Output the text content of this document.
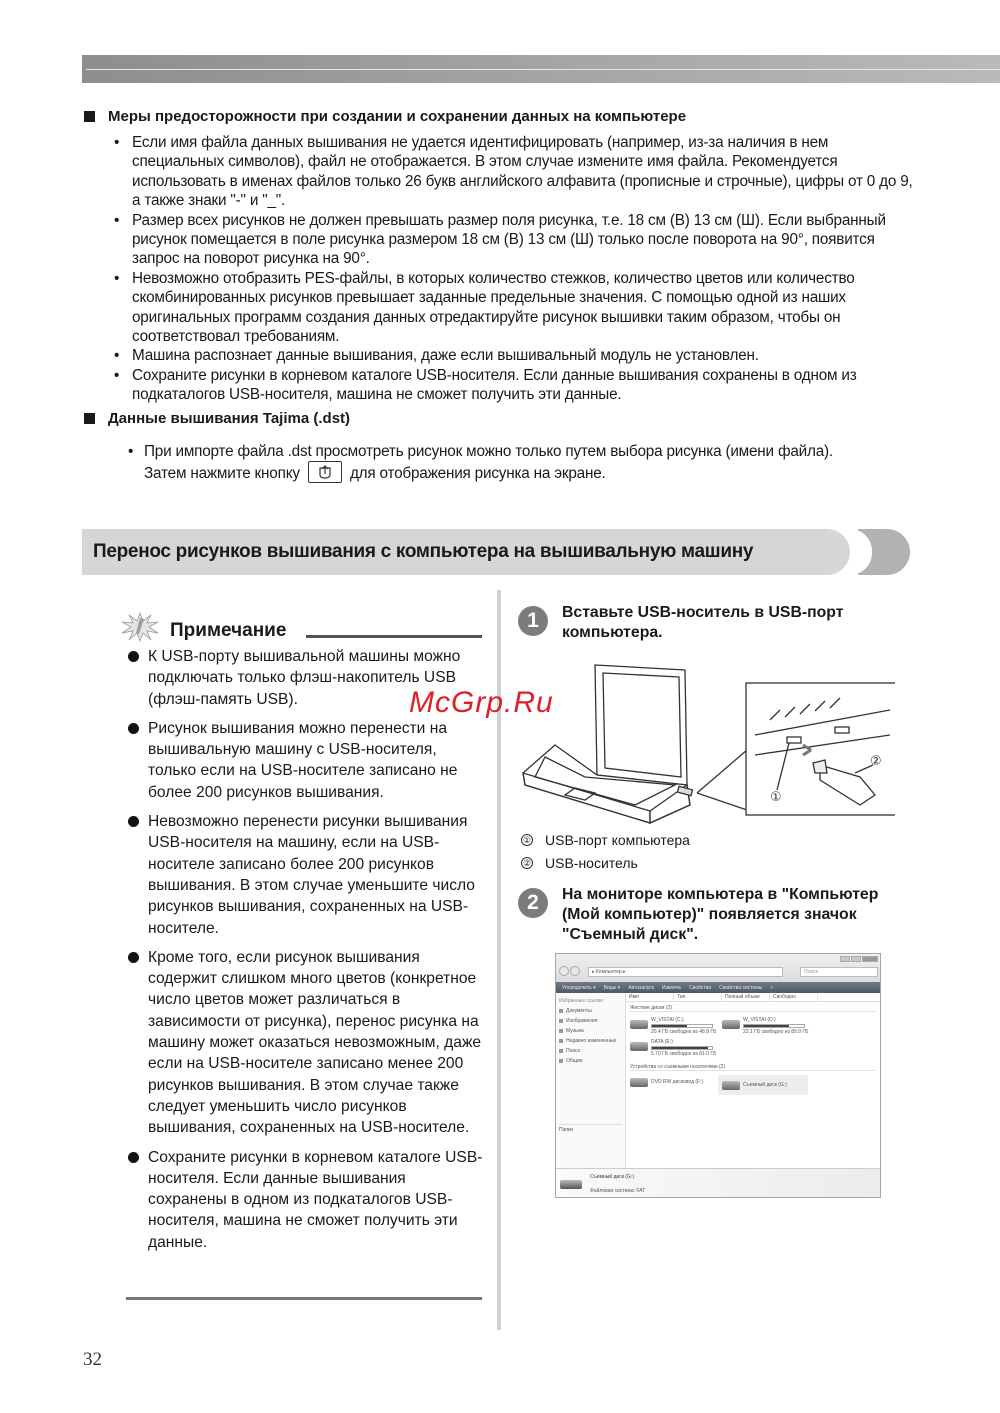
Меры предосторожности при создании и сохранении данных на компьютере
• Если имя файла данных вышивания не удается идентифицировать (например, из-за наличия в нем специальных символов), файл не отображается. В этом случае измените имя файла. Рекомендуется использовать в именах файлов только 26 букв английского алфавита (прописные и строчные), цифры от 0 до 9, а также знаки "-" и "_".
• Размер всех рисунков не должен превышать размер поля рисунка, т.е. 18 см (В) 13 см (Ш). Если выбранный рисунок помещается в поле рисунка размером 18 см (В) 13 см (Ш) только после поворота на 90°, появится запрос на поворот рисунка на 90°.
• Невозможно отобразить PES-файлы, в которых количество стежков, количество цветов или количество скомбинированных рисунков превышает заданные предельные значения. С помощью одной из наших оригинальных программ создания данных отредактируйте рисунок вышивки таким образом, чтобы он соответствовал требованиям.
• Машина распознает данные вышивания, даже если вышивальный модуль не установлен.
• Сохраните рисунки в корневом каталоге USB-носителя. Если данные вышивания сохранены в одном из подкаталогов USB-носителя, машина не сможет получить эти данные.
Данные вышивания Tajima (.dst)
• При импорте файла .dst просмотреть рисунок можно только путем выбора рисунка (имени файла).
Затем нажмите кнопку	для отображения рисунка на экране.
Перенос рисунков вышивания с компьютера на вышивальную машину
Примечание
К USB-порту вышивальной машины можно подключать только флэш-накопитель USB (флэш-память USB).
Рисунок вышивания можно перенести на вышивальную машину с USB-носителя, только если на USB-носителе записано не более 200 рисунков вышивания.
Невозможно перенести рисунки вышивания USB-носителя на машину, если на USB-носителе записано более 200 рисунков вышивания. В этом случае уменьшите число рисунков вышивания, сохраненных на USB-носителе.
Кроме того, если рисунок вышивания содержит слишком много цветов (конкретное число цветов может различаться в зависимости от рисунка), перенос рисунка на машину может оказаться невозможным, даже если на USB-носителе записано менее 200 рисунков вышивания. В этом случае также следует уменьшить число рисунков вышивания, сохраненных на USB-носителе.
Сохраните рисунки в корневом каталоге USB-носителя. Если данные вышивания сохранены в одном из подкаталогов USB-носителя, машина не сможет получить эти данные.
1	Вставьте USB-носитель в USB-порт компьютера.
①
②
① USB-порт компьютера
② USB-носитель
2	На мониторе компьютера в "Компьютер (Мой компьютер)" появляется значок "Съемный диск".
▸ Компьютер ▸	Поиск
Упорядочить ▾ Виды ▾ Автозапуск Извлечь Свойства Свойства системы »
Избранные ссылки
Документы
Изображения
Музыка
Недавно измененные
Поиск
Общие
Папки
Имя	Тип	Полный объем	Свободно
Жесткие диски (2)
W_VISTAI (C:)
20.4 ГБ свободно из 48.8 ГБ
W_VISTAI (D:)
22.1 ГБ свободно из 89.9 ГБ
DATA (E:)
5.70 ГБ свободно из 81.0 ГБ
Устройства со съемными носителями (2)
DVD RW дисковод (F:)	Съемный диск (G:)
Съемный диск (G:)
Файловая система: FAT
McGrp.Ru
32
